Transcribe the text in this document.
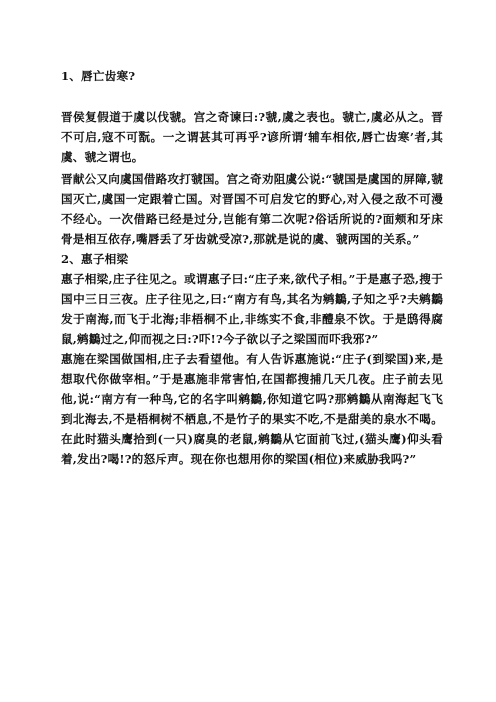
1、唇亡齿寒?

晋侯复假道于虞以伐虢。宫之奇谏曰:?虢,虞之表也。虢亡,虞必从之。晋不可启,寇不可翫。一之谓甚其可再乎?谚所谓‘辅车相依,唇亡齿寒’者,其虞、虢之谓也。

晋献公又向虞国借路攻打虢国。宫之奇劝阻虞公说:“虢国是虞国的屏障,虢国灭亡,虞国一定跟着亡国。对晋国不可启发它的野心,对入侵之敌不可漫不经心。一次借路已经是过分,岂能有第二次呢?俗话所说的?面颊和牙床骨是相互依存,嘴唇丢了牙齿就受凉?,那就是说的虞、虢两国的关系。”

2、惠子相梁

惠子相梁,庄子往见之。或谓惠子曰:“庄子来,欲代子相。”于是惠子恐,搜于国中三日三夜。庄子往见之,曰:“南方有鸟,其名为鹓鶵,子知之乎?夫鹓鶵发于南海,而飞于北海;非梧桐不止,非练实不食,非醴泉不饮。于是鸱得腐鼠,鹓鶵过之,仰而视之曰:?吓!?今子欲以子之梁国而吓我邪?”

惠施在梁国做国相,庄子去看望他。有人告诉惠施说:“庄子(到梁国)来,是想取代你做宰相。”于是惠施非常害怕,在国都搜捕几天几夜。庄子前去见他,说:“南方有一种鸟,它的名字叫鹓鶵,你知道它吗?那鹓鶵从南海起飞飞到北海去,不是梧桐树不栖息,不是竹子的果实不吃,不是甜美的泉水不喝。在此时猫头鹰拾到(一只)腐臭的老鼠,鹓鶵从它面前飞过,(猫头鹰)仰头看着,发出?喝!?的怒斥声。现在你也想用你的梁国(相位)来威胁我吗?”
